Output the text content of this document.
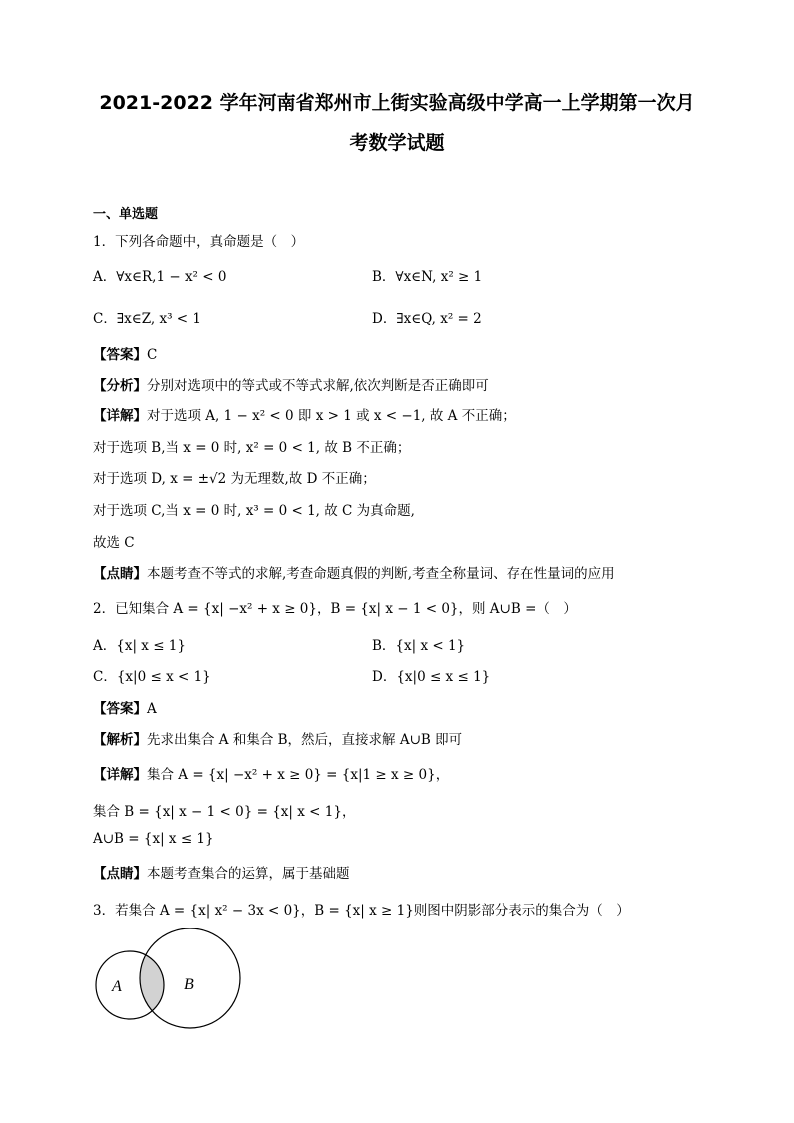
2021-2022 学年河南省郑州市上街实验高级中学高一上学期第一次月
考数学试题
一、单选题
1．下列各命题中，真命题是（　）
A．∀x∈R,1 − x² < 0	B．∀x∈N, x² ≥ 1
C．∃x∈Z, x³ < 1	D．∃x∈Q, x² = 2
【答案】C
【分析】分别对选项中的等式或不等式求解,依次判断是否正确即可
【详解】对于选项 A, 1 − x² < 0 即 x > 1 或 x < −1, 故 A 不正确；
对于选项 B,当 x = 0 时, x² = 0 < 1, 故 B 不正确；
对于选项 D, x = ±√2 为无理数,故 D 不正确；
对于选项 C,当 x = 0 时, x³ = 0 < 1, 故 C 为真命题,
故选 C
【点睛】本题考查不等式的求解,考查命题真假的判断,考查全称量词、存在性量词的应用
2．已知集合 A = {x| −x² + x ≥ 0}，B = {x| x − 1 < 0}，则 A∪B =（　）
A．{x| x ≤ 1}	B．{x| x < 1}
C．{x|0 ≤ x < 1}	D．{x|0 ≤ x ≤ 1}
【答案】A
【解析】先求出集合 A 和集合 B，然后，直接求解 A∪B 即可
【详解】集合 A = {x| −x² + x ≥ 0} = {x|1 ≥ x ≥ 0}，
集合 B = {x| x − 1 < 0} = {x| x < 1}，
A∪B = {x| x ≤ 1}
【点睛】本题考查集合的运算，属于基础题
3．若集合 A = {x| x² − 3x < 0}，B = {x| x ≥ 1}则图中阴影部分表示的集合为（　）
A	B
